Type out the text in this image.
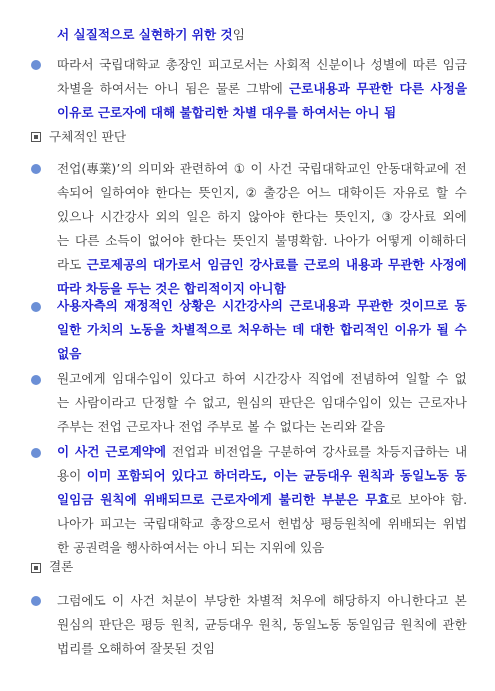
서 실질적으로 실현하기 위한 것임
따라서 국립대학교 총장인 피고로서는 사회적 신분이나 성별에 따른 임금
차별을 하여서는 아니 됨은 물론 그밖에 근로내용과 무관한 다른 사정을
이유로 근로자에 대해 불합리한 차별 대우를 하여서는 아니 됨
구체적인 판단
전업(專業)’의 의미와 관련하여 ① 이 사건 국립대학교인 안동대학교에 전
속되어 일하여야 한다는 뜻인지, ② 출강은 어느 대학이든 자유로 할 수
있으나 시간강사 외의 일은 하지 않아야 한다는 뜻인지, ③ 강사료 외에
는 다른 소득이 없어야 한다는 뜻인지 불명확함. 나아가 어떻게 이해하더
라도 근로제공의 대가로서 임금인 강사료를 근로의 내용과 무관한 사정에
따라 차등을 두는 것은 합리적이지 아니함
사용자측의 재정적인 상황은 시간강사의 근로내용과 무관한 것이므로 동
일한 가치의 노동을 차별적으로 처우하는 데 대한 합리적인 이유가 될 수
없음
원고에게 임대수입이 있다고 하여 시간강사 직업에 전념하여 일할 수 없
는 사람이라고 단정할 수 없고, 원심의 판단은 임대수입이 있는 근로자나
주부는 전업 근로자나 전업 주부로 볼 수 없다는 논리와 같음
이 사건 근로계약에 전업과 비전업을 구분하여 강사료를 차등지급하는 내
용이 이미 포함되어 있다고 하더라도, 이는 균등대우 원칙과 동일노동 동
일임금 원칙에 위배되므로 근로자에게 불리한 부분은 무효로 보아야 함.
나아가 피고는 국립대학교 총장으로서 헌법상 평등원칙에 위배되는 위법
한 공권력을 행사하여서는 아니 되는 지위에 있음
결론
그럼에도 이 사건 처분이 부당한 차별적 처우에 해당하지 아니한다고 본
원심의 판단은 평등 원칙, 균등대우 원칙, 동일노동 동일임금 원칙에 관한
법리를 오해하여 잘못된 것임
